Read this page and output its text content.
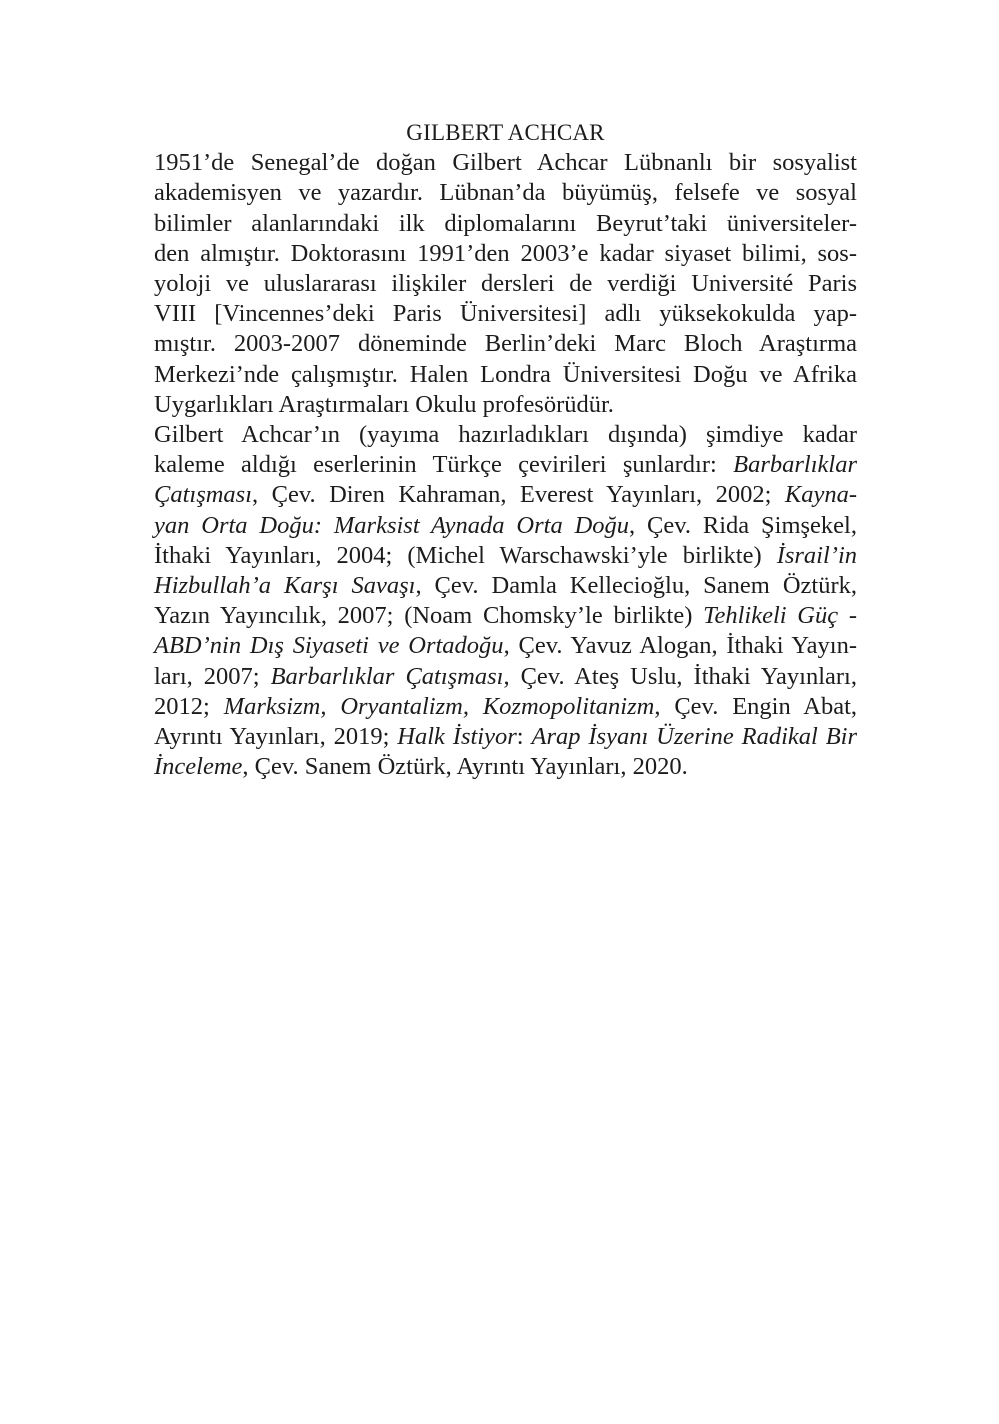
GILBERT ACHCAR
1951’de Senegal’de doğan Gilbert Achcar Lübnanlı bir sosyalist
akademisyen ve yazardır. Lübnan’da büyümüş, felsefe ve sosyal
bilimler alanlarındaki ilk diplomalarını Beyrut’taki üniversiteler-
den almıştır. Doktorasını 1991’den 2003’e kadar siyaset bilimi, sos-
yoloji ve uluslararası ilişkiler dersleri de verdiği Université Paris
VIII [Vincennes’deki Paris Üniversitesi] adlı yüksekokulda yap-
mıştır. 2003-2007 döneminde Berlin’deki Marc Bloch Araştırma
Merkezi’nde çalışmıştır. Halen Londra Üniversitesi Doğu ve Afrika
Uygarlıkları Araştırmaları Okulu profesörüdür.
Gilbert Achcar’ın (yayıma hazırladıkları dışında) şimdiye kadar
kaleme aldığı eserlerinin Türkçe çevirileri şunlardır: Barbarlıklar
Çatışması, Çev. Diren Kahraman, Everest Yayınları, 2002; Kayna-
yan Orta Doğu: Marksist Aynada Orta Doğu, Çev. Rida Şimşekel,
İthaki Yayınları, 2004; (Michel Warschawski’yle birlikte) İsrail’in
Hizbullah’a Karşı Savaşı, Çev. Damla Kellecioğlu, Sanem Öztürk,
Yazın Yayıncılık, 2007; (Noam Chomsky’le birlikte) Tehlikeli Güç -
ABD’nin Dış Siyaseti ve Ortadoğu, Çev. Yavuz Alogan, İthaki Yayın-
ları, 2007; Barbarlıklar Çatışması, Çev. Ateş Uslu, İthaki Yayınları,
2012; Marksizm, Oryantalizm, Kozmopolitanizm, Çev. Engin Abat,
Ayrıntı Yayınları, 2019; Halk İstiyor: Arap İsyanı Üzerine Radikal Bir
İnceleme, Çev. Sanem Öztürk, Ayrıntı Yayınları, 2020.
